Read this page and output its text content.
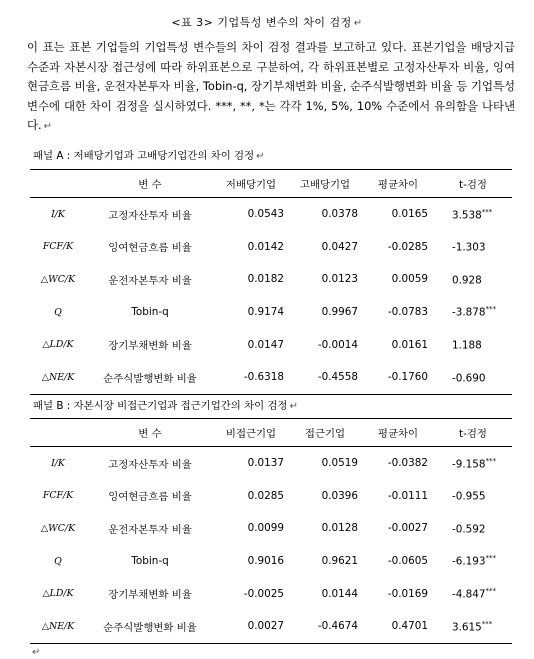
<표 3> 기업특성 변수의 차이 검정 ↵
이 표는 표본 기업들의 기업특성 변수들의 차이 검정 결과를 보고하고 있다. 표본기업을 배당지급 수준과 자본시장 접근성에 따라 하위표본으로 구분하여, 각 하위표본별로 고정자산투자 비율, 잉여현금흐름 비율, 운전자본투자 비율, Tobin-q, 장기부채변화 비율, 순주식발행변화 비율 등 기업특성변수에 대한 차이 검정을 실시하였다. ***, **, *는 각각 1%, 5%, 10% 수준에서 유의함을 나타낸다. ↵
패널 A : 저배당기업과 고배당기업간의 차이 검정 ↵
	변 수	저배당기업	고배당기업	평균차이	t-검정
I/K	고정자산투자 비율	0.0543	0.0378	0.0165	3.538***
FCF/K	잉여현금흐름 비율	0.0142	0.0427	-0.0285	-1.303
△WC/K	운전자본투자 비율	0.0182	0.0123	0.0059	0.928
Q	Tobin-q	0.9174	0.9967	-0.0783	-3.878***
△LD/K	장기부채변화 비율	0.0147	-0.0014	0.0161	1.188
△NE/K	순주식발행변화 비율	-0.6318	-0.4558	-0.1760	-0.690
패널 B : 자본시장 비접근기업과 접근기업간의 차이 검정 ↵
	변 수	비접근기업	접근기업	평균차이	t-검정
I/K	고정자산투자 비율	0.0137	0.0519	-0.0382	-9.158***
FCF/K	잉여현금흐름 비율	0.0285	0.0396	-0.0111	-0.955
△WC/K	운전자본투자 비율	0.0099	0.0128	-0.0027	-0.592
Q	Tobin-q	0.9016	0.9621	-0.0605	-6.193***
△LD/K	장기부채변화 비율	-0.0025	0.0144	-0.0169	-4.847***
△NE/K	순주식발행변화 비율	0.0027	-0.4674	0.4701	3.615***
↵
